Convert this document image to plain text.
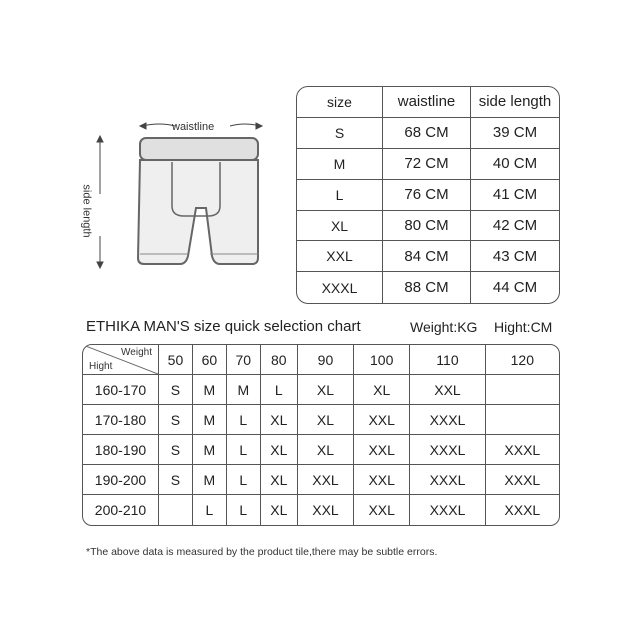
waistline
side length
size	waistline	side length
S	68 CM	39 CM
M	72 CM	40 CM
L	76 CM	41 CM
XL	80 CM	42 CM
XXL	84 CM	43 CM
XXXL	88 CM	44 CM
ETHIKA MAN'S size quick selection chart	Weight:KG Hight:CM
Weight
Hight	50	60	70	80	90	100	110	120
160-170	S	M	M	L	XL	XL	XXL	
170-180	S	M	L	XL	XL	XXL	XXXL	
180-190	S	M	L	XL	XL	XXL	XXXL	XXXL
190-200	S	M	L	XL	XXL	XXL	XXXL	XXXL
200-210		L	L	XL	XXL	XXL	XXXL	XXXL
*The above data is measured by the product tile,there may be subtle errors.
